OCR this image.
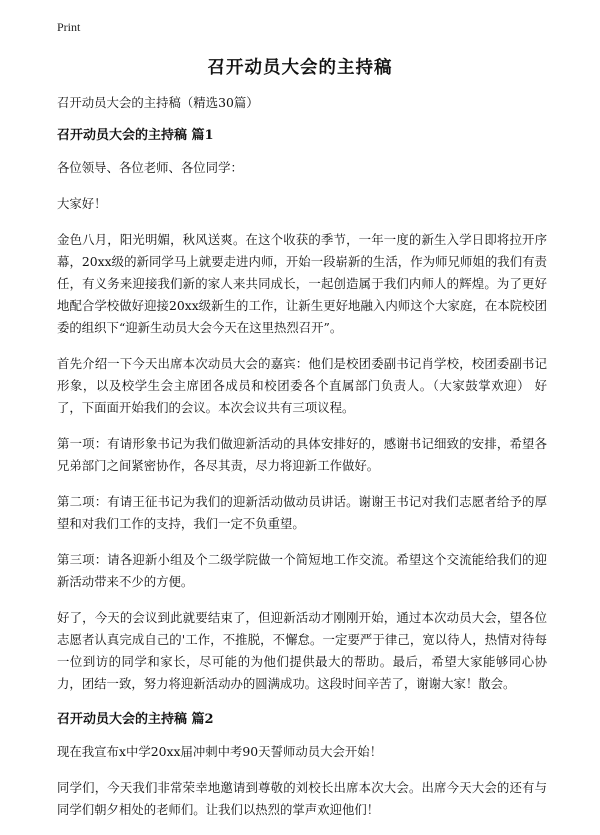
Print
召开动员大会的主持稿

召开动员大会的主持稿（精选30篇）

召开动员大会的主持稿 篇1

各位领导、各位老师、各位同学：

大家好！

金色八月，阳光明媚，秋风送爽。在这个收获的季节，一年一度的新生入学日即将拉开序幕，20xx级的新同学马上就要走进内师，开始一段崭新的生活，作为师兄师姐的我们有责任，有义务来迎接我们新的家人来共同成长，一起创造属于我们内师人的辉煌。为了更好地配合学校做好迎接20xx级新生的工作，让新生更好地融入内师这个大家庭，在本院校团委的组织下“迎新生动员大会今天在这里热烈召开”。

首先介绍一下今天出席本次动员大会的嘉宾：他们是校团委副书记肖学校，校团委副书记形象，以及校学生会主席团各成员和校团委各个直属部门负责人。（大家鼓掌欢迎） 好了，下面面开始我们的会议。本次会议共有三项议程。

第一项：有请形象书记为我们做迎新活动的具体安排好的，感谢书记细致的安排，希望各兄弟部门之间紧密协作，各尽其责，尽力将迎新工作做好。

第二项：有请王征书记为我们的迎新活动做动员讲话。谢谢王书记对我们志愿者给予的厚望和对我们工作的支持，我们一定不负重望。

第三项：请各迎新小组及个二级学院做一个简短地工作交流。希望这个交流能给我们的迎新活动带来不少的方便。

好了，今天的会议到此就要结束了，但迎新活动才刚刚开始，通过本次动员大会，望各位志愿者认真完成自己的'工作，不推脱，不懈怠。一定要严于律己，宽以待人，热情对待每一位到访的同学和家长，尽可能的为他们提供最大的帮助。最后，希望大家能够同心协力，团结一致，努力将迎新活动办的圆满成功。这段时间辛苦了，谢谢大家！散会。

召开动员大会的主持稿 篇2

现在我宣布x中学20xx届冲刺中考90天誓师动员大会开始！

同学们，今天我们非常荣幸地邀请到尊敬的刘校长出席本次大会。出席今天大会的还有与同学们朝夕相处的老师们。让我们以热烈的掌声欢迎他们！
